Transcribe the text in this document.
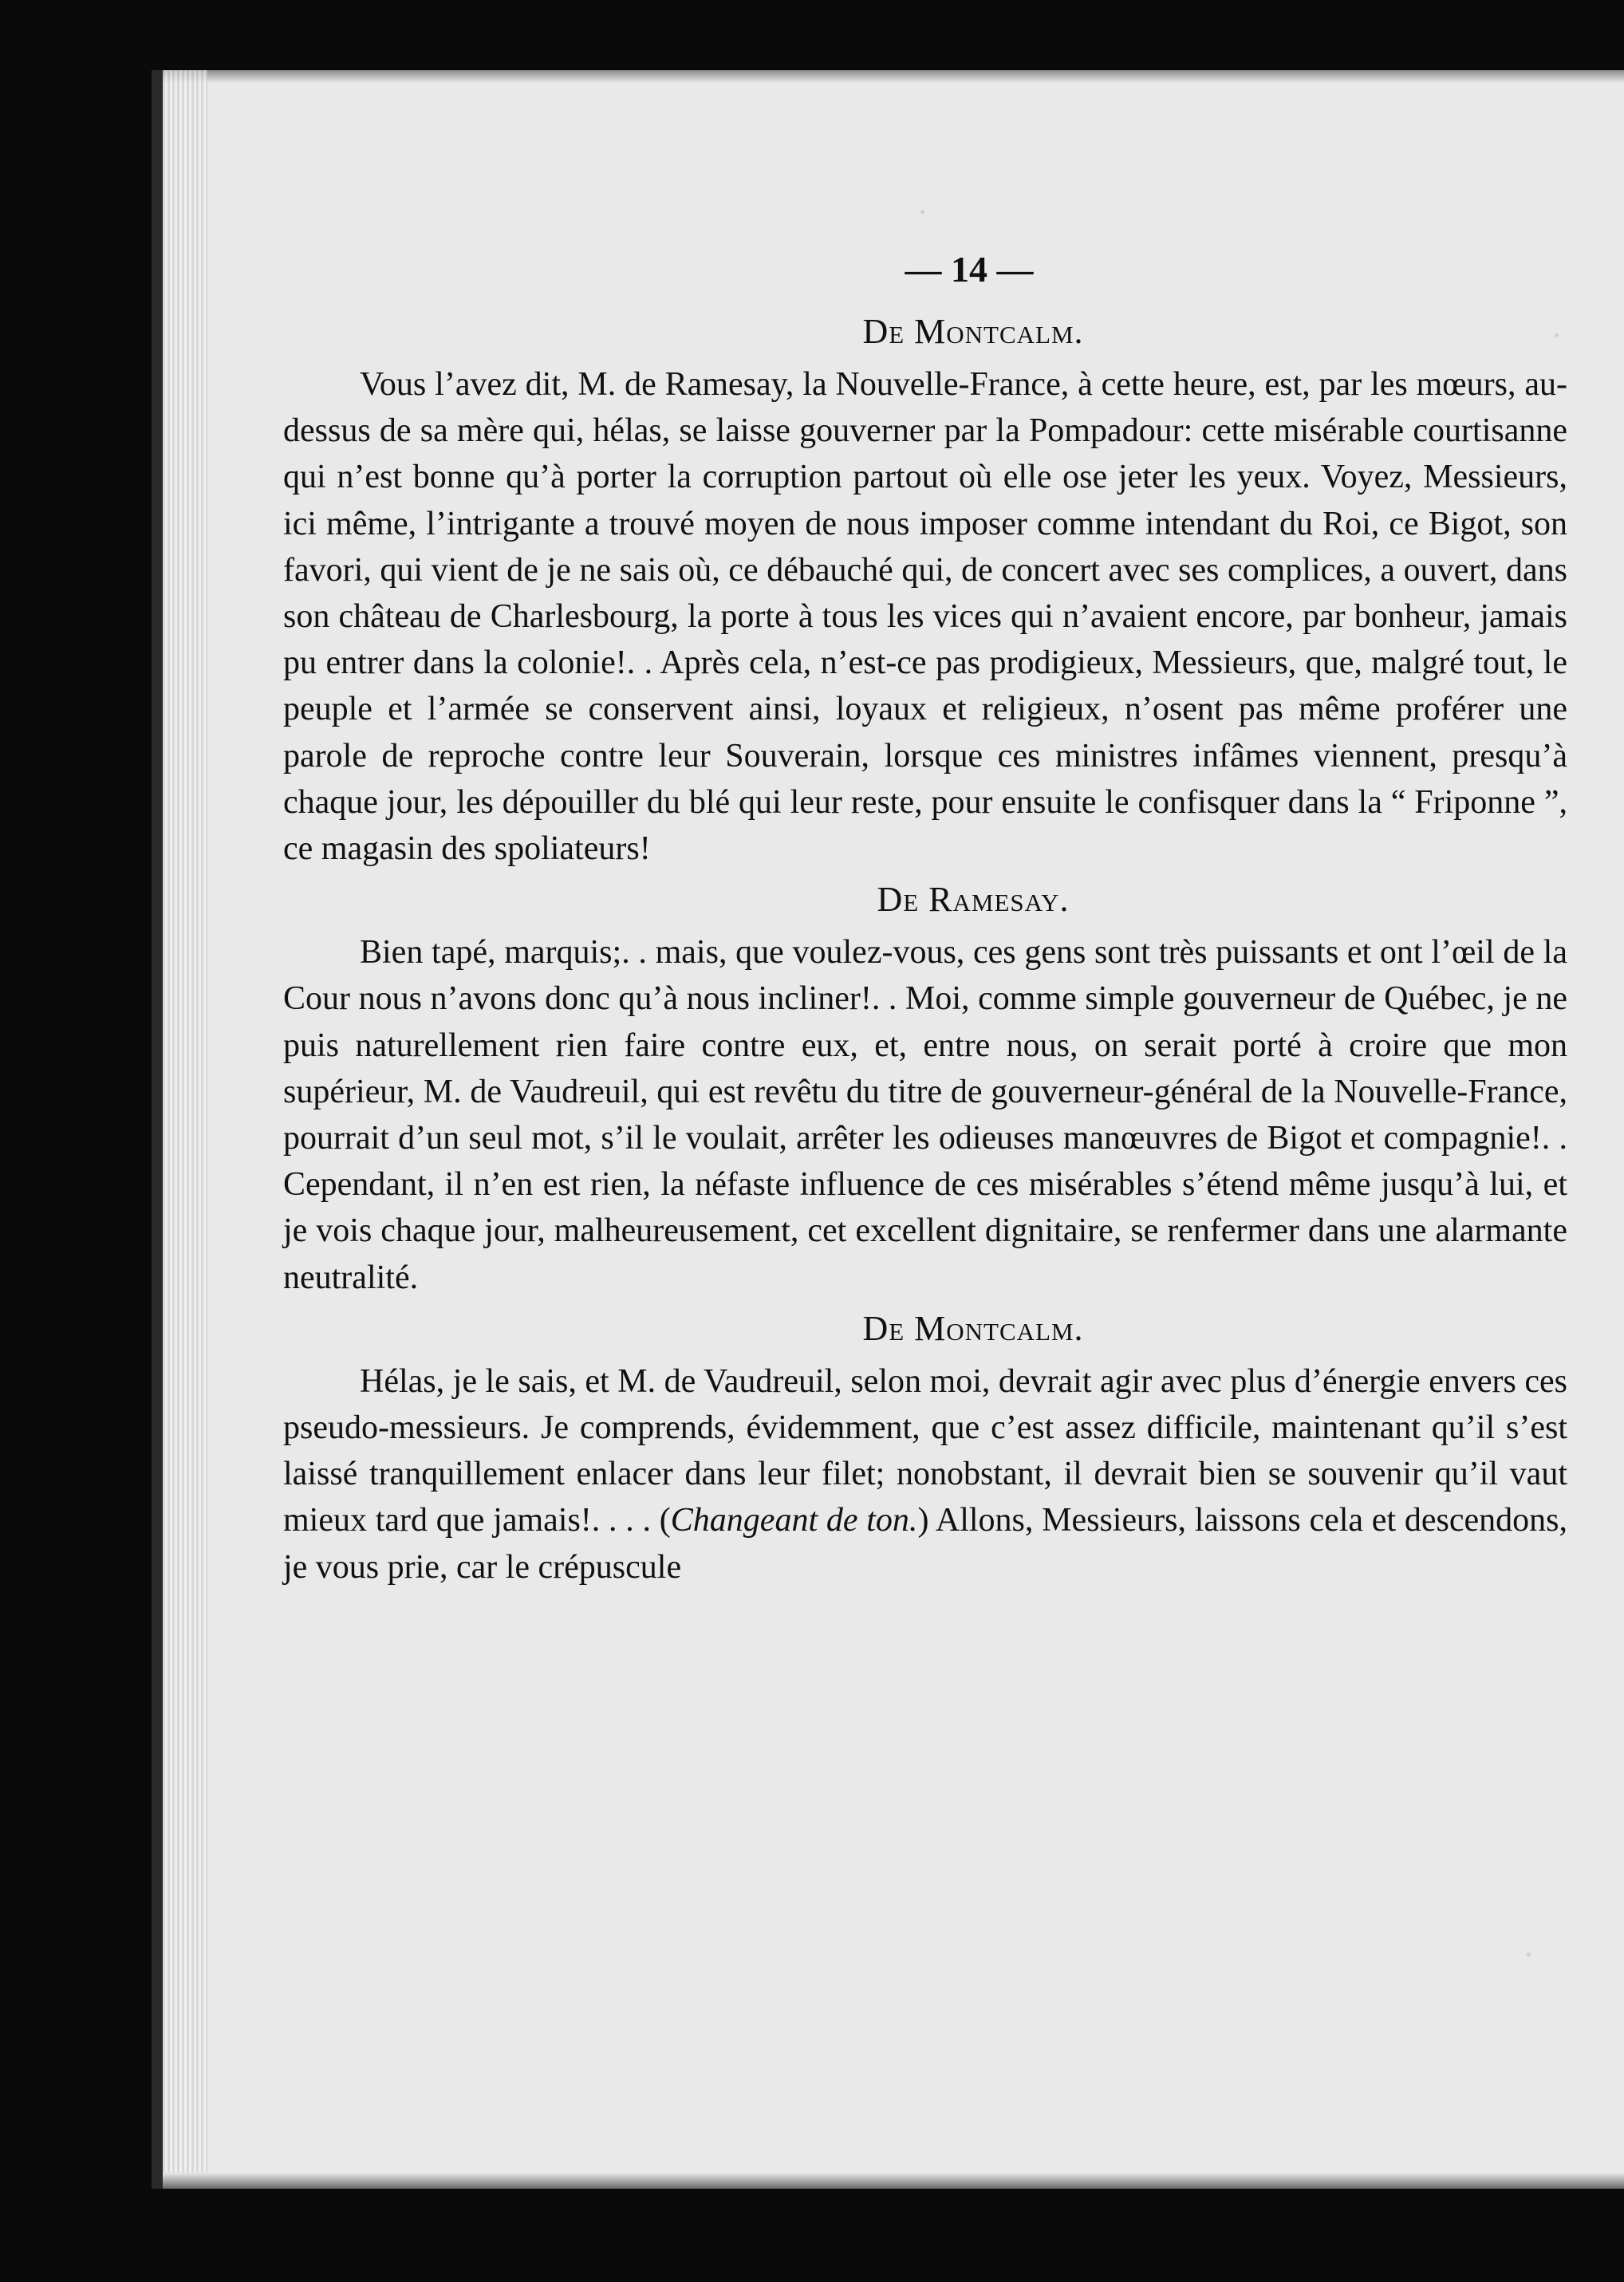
— 14 —
De Montcalm.

Vous l’avez dit, M. de Ramesay, la Nouvelle-France, à cette heure, est, par les mœurs, au-dessus de sa mère qui, hélas, se laisse gouverner par la Pompadour: cette misérable courtisanne qui n’est bonne qu’à porter la corruption partout où elle ose jeter les yeux. Voyez, Messieurs, ici même, l’intrigante a trouvé moyen de nous imposer comme intendant du Roi, ce Bigot, son favori, qui vient de je ne sais où, ce débauché qui, de concert avec ses complices, a ouvert, dans son château de Charlesbourg, la porte à tous les vices qui n’avaient encore, par bonheur, jamais pu entrer dans la colonie!. . Après cela, n’est-ce pas prodigieux, Messieurs, que, malgré tout, le peuple et l’armée se conservent ainsi, loyaux et religieux, n’osent pas même proférer une parole de reproche contre leur Souverain, lorsque ces ministres infâmes viennent, presqu’à chaque jour, les dépouiller du blé qui leur reste, pour ensuite le confisquer dans la “ Friponne ”, ce magasin des spoliateurs!

De Ramesay.

Bien tapé, marquis;. . mais, que voulez-vous, ces gens sont très puissants et ont l’œil de la Cour nous n’avons donc qu’à nous incliner!. . Moi, comme simple gouverneur de Québec, je ne puis naturellement rien faire contre eux, et, entre nous, on serait porté à croire que mon supérieur, M. de Vaudreuil, qui est revêtu du titre de gouverneur-général de la Nouvelle-France, pourrait d’un seul mot, s’il le voulait, arrêter les odieuses manœuvres de Bigot et compagnie!. . Cependant, il n’en est rien, la néfaste influence de ces misérables s’étend même jusqu’à lui, et je vois chaque jour, malheureusement, cet excellent dignitaire, se renfermer dans une alarmante neutralité.

De Montcalm.

Hélas, je le sais, et M. de Vaudreuil, selon moi, devrait agir avec plus d’énergie envers ces pseudo-messieurs. Je comprends, évidemment, que c’est assez difficile, maintenant qu’il s’est laissé tranquillement enlacer dans leur filet; nonobstant, il devrait bien se souvenir qu’il vaut mieux tard que jamais!. . . . (Changeant de ton.) Allons, Messieurs, laissons cela et descendons, je vous prie, car le crépuscule
